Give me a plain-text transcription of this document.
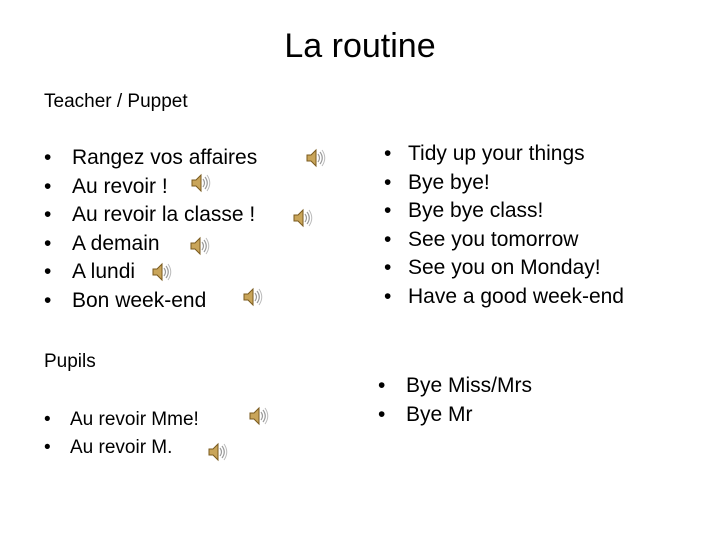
La routine
Teacher / Puppet
• Rangez vos affaires
• Au revoir !
• Au revoir la classe !
• A demain
• A lundi
• Bon week-end
• Tidy up your things
• Bye bye!
• Bye bye class!
• See you tomorrow
• See you on Monday!
• Have a good week-end
Pupils
• Au revoir Mme!
• Au revoir M.
• Bye Miss/Mrs
• Bye Mr
